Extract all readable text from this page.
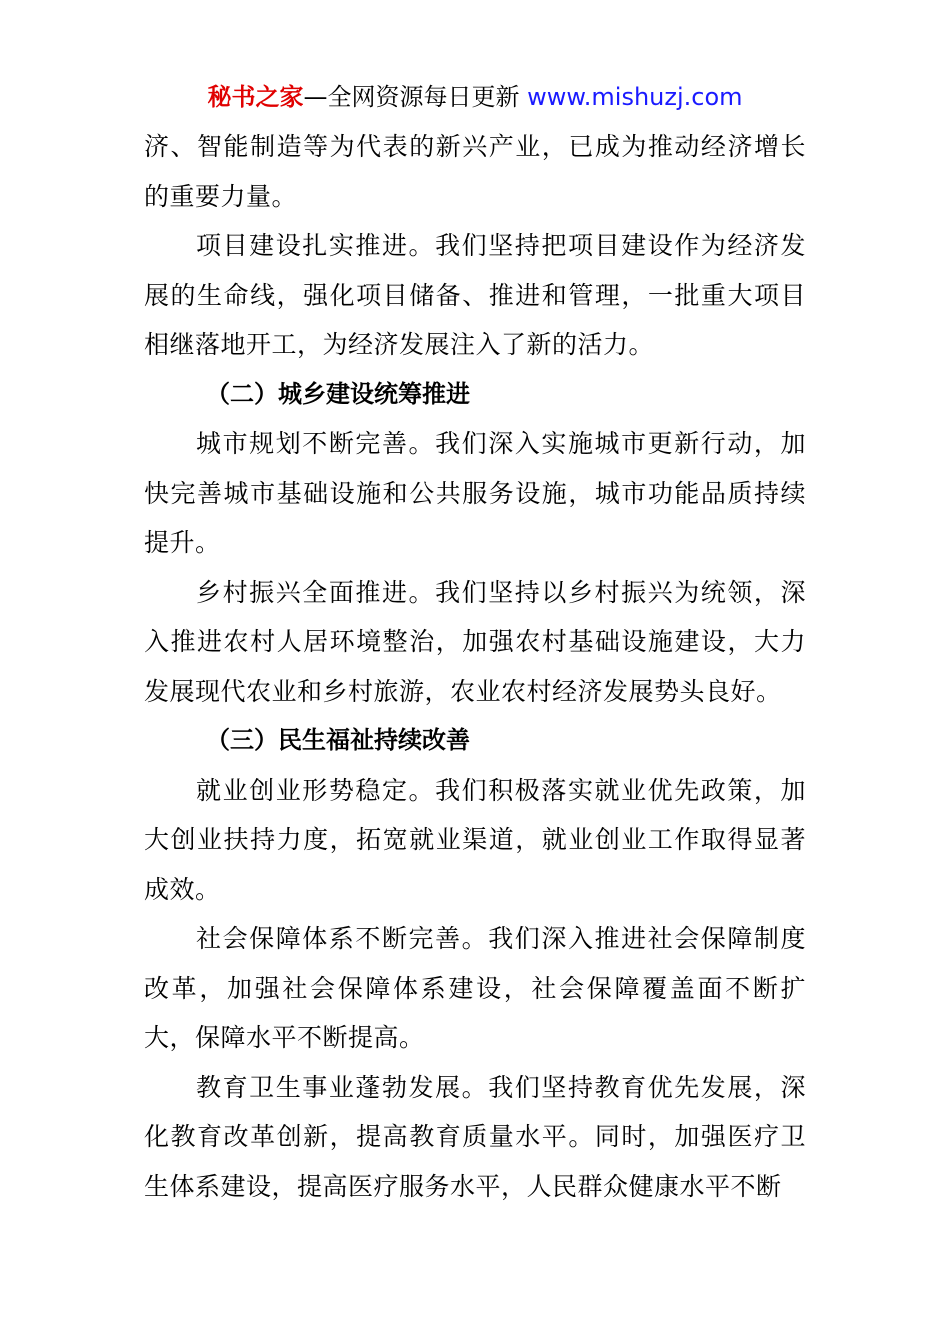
秘书之家—全网资源每日更新 www.mishuzj.com

济、智能制造等为代表的新兴产业，已成为推动经济增长的重要力量。

项目建设扎实推进。我们坚持把项目建设作为经济发展的生命线，强化项目储备、推进和管理，一批重大项目相继落地开工，为经济发展注入了新的活力。

（二）城乡建设统筹推进

城市规划不断完善。我们深入实施城市更新行动，加快完善城市基础设施和公共服务设施，城市功能品质持续提升。

乡村振兴全面推进。我们坚持以乡村振兴为统领，深入推进农村人居环境整治，加强农村基础设施建设，大力发展现代农业和乡村旅游，农业农村经济发展势头良好。

（三）民生福祉持续改善

就业创业形势稳定。我们积极落实就业优先政策，加大创业扶持力度，拓宽就业渠道，就业创业工作取得显著成效。

社会保障体系不断完善。我们深入推进社会保障制度改革，加强社会保障体系建设，社会保障覆盖面不断扩大，保障水平不断提高。

教育卫生事业蓬勃发展。我们坚持教育优先发展，深化教育改革创新，提高教育质量水平。同时，加强医疗卫生体系建设，提高医疗服务水平，人民群众健康水平不断
